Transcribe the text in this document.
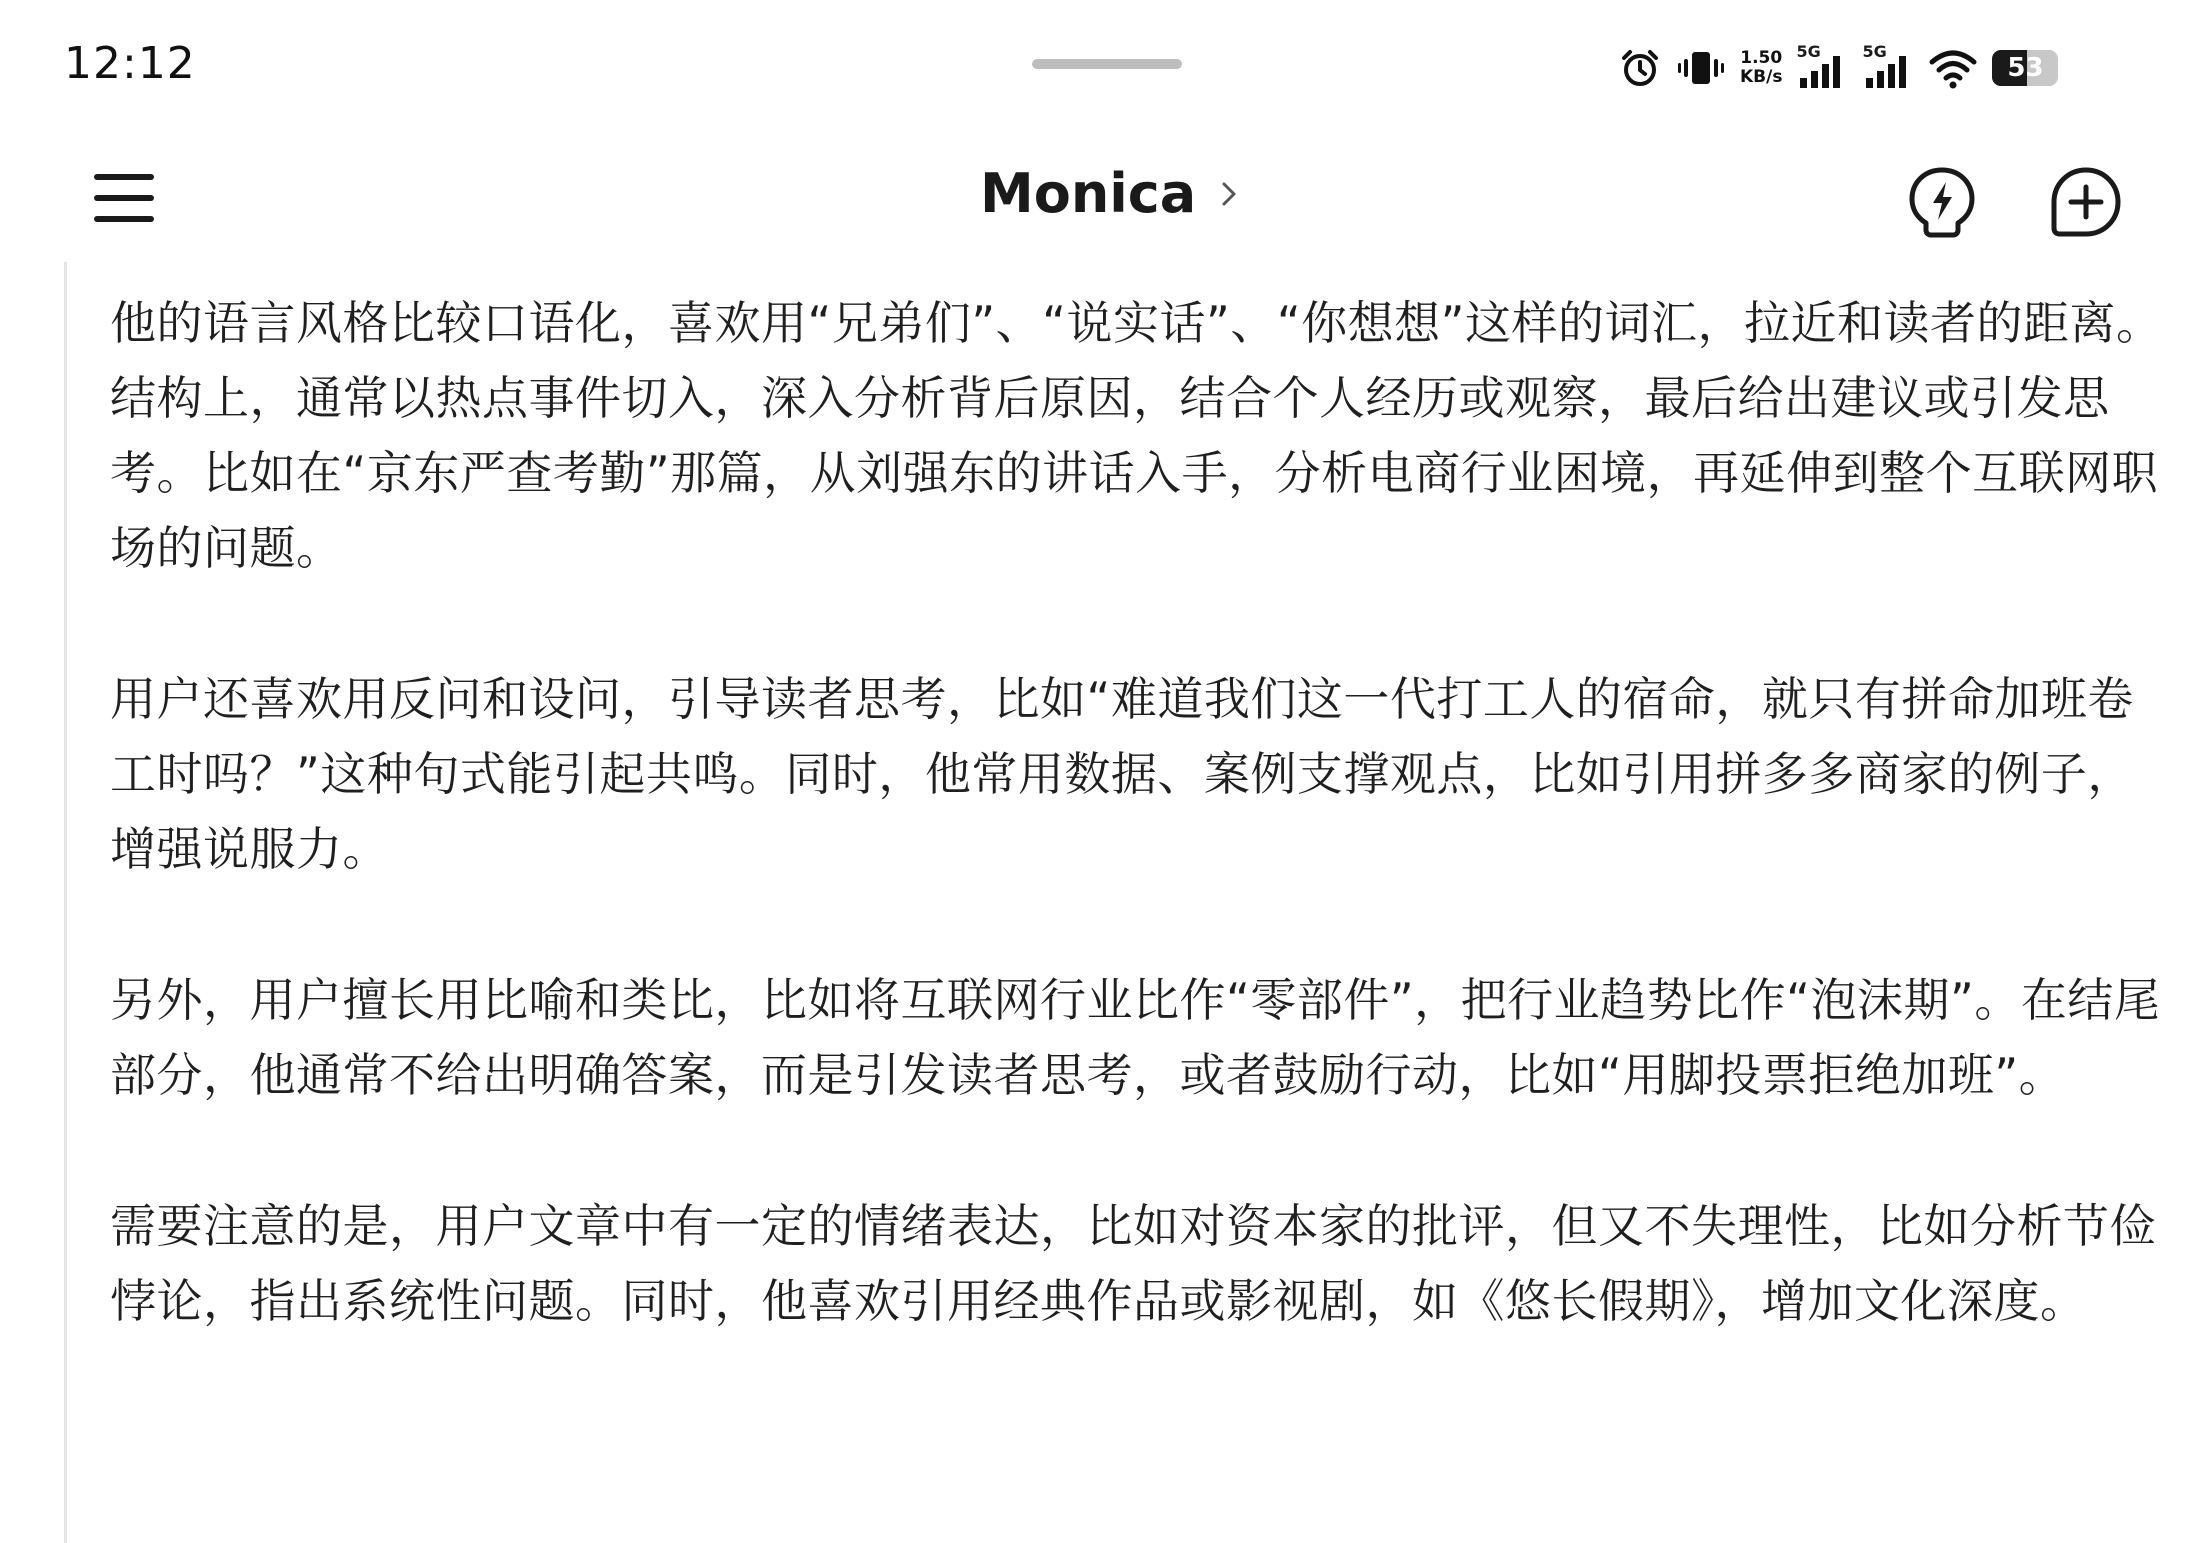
12:12	1.50
KB/s
5G	5G
53
Monica

他的语言风格比较口语化，喜欢用“兄弟们”、“说实话”、“你想想”这样的词汇，拉近和读者的距离。结构上，通常以热点事件切入，深入分析背后原因，结合个人经历或观察，最后给出建议或引发思考。比如在“京东严查考勤”那篇，从刘强东的讲话入手，分析电商行业困境，再延伸到整个互联网职场的问题。

用户还喜欢用反问和设问，引导读者思考，比如“难道我们这一代打工人的宿命，就只有拼命加班卷工时吗？”这种句式能引起共鸣。同时，他常用数据、案例支撑观点，比如引用拼多多商家的例子，增强说服力。

另外，用户擅长用比喻和类比，比如将互联网行业比作“零部件”，把行业趋势比作“泡沫期”。在结尾部分，他通常不给出明确答案，而是引发读者思考，或者鼓励行动，比如“用脚投票拒绝加班”。

需要注意的是，用户文章中有一定的情绪表达，比如对资本家的批评，但又不失理性，比如分析节俭悖论，指出系统性问题。同时，他喜欢引用经典作品或影视剧，如《悠长假期》，增加文化深度。
